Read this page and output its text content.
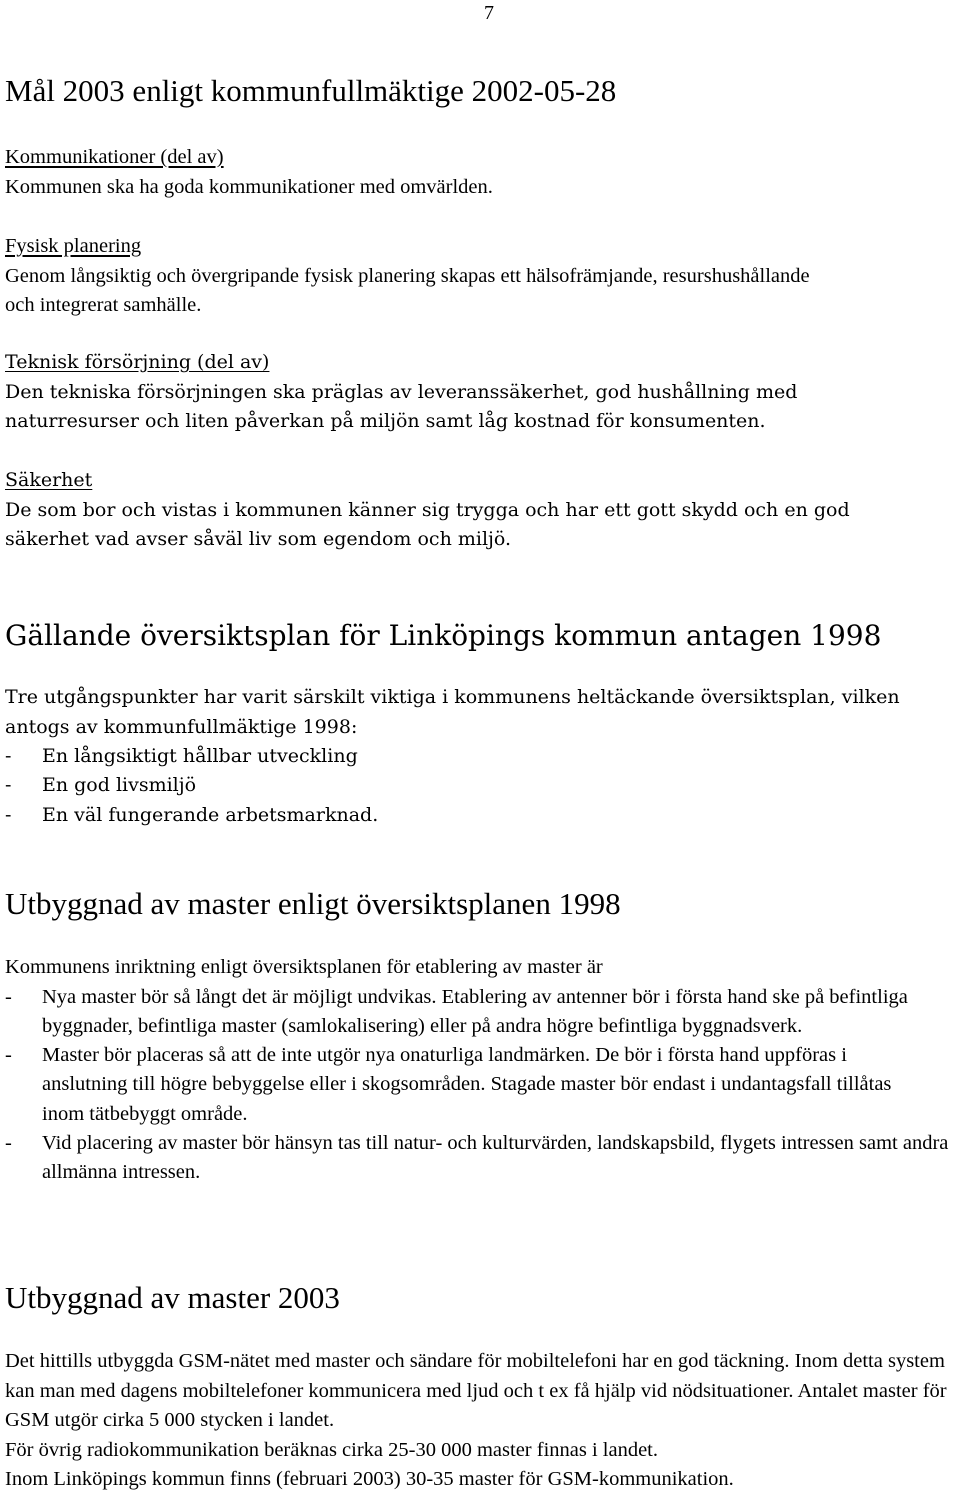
7
Mål 2003 enligt kommunfullmäktige 2002-05-28

Kommunikationer (del av)

Kommunen ska ha goda kommunikationer med omvärlden.

Fysisk planering

Genom långsiktig och övergripande fysisk planering skapas ett hälsofrämjande, resurshushållande och integrerat samhälle.

Teknisk försörjning (del av)

Den tekniska försörjningen ska präglas av leveranssäkerhet, god hushållning med naturresurser och liten påverkan på miljön samt låg kostnad för konsumenten.

Säkerhet

De som bor och vistas i kommunen känner sig trygga och har ett gott skydd och en god säkerhet vad avser såväl liv som egendom och miljö.

Gällande översiktsplan för Linköpings kommun antagen 1998

Tre utgångspunkter har varit särskilt viktiga i kommunens heltäckande översiktsplan, vilken antogs av kommunfullmäktige 1998:

- En långsiktigt hållbar utveckling
- En god livsmiljö
- En väl fungerande arbetsmarknad.
Utbyggnad av master enligt översiktsplanen 1998

Kommunens inriktning enligt översiktsplanen för etablering av master är

- Nya master bör så långt det är möjligt undvikas. Etablering av antenner bör i första hand ske på befintliga byggnader, befintliga master (samlokalisering) eller på andra högre befintliga byggnadsverk.
- Master bör placeras så att de inte utgör nya onaturliga landmärken. De bör i första hand uppföras i anslutning till högre bebyggelse eller i skogsområden. Stagade master bör endast i undantagsfall tillåtas inom tätbebyggt område.
- Vid placering av master bör hänsyn tas till natur- och kulturvärden, landskapsbild, flygets intressen samt andra allmänna intressen.
Utbyggnad av master 2003

Det hittills utbyggda GSM-nätet med master och sändare för mobiltelefoni har en god täckning. Inom detta system kan man med dagens mobiltelefoner kommunicera med ljud och t ex få hjälp vid nödsituationer. Antalet master för GSM utgör cirka 5 000 stycken i landet.

För övrig radiokommunikation beräknas cirka 25-30 000 master finnas i landet.

Inom Linköpings kommun finns (februari 2003) 30-35 master för GSM-kommunikation.
